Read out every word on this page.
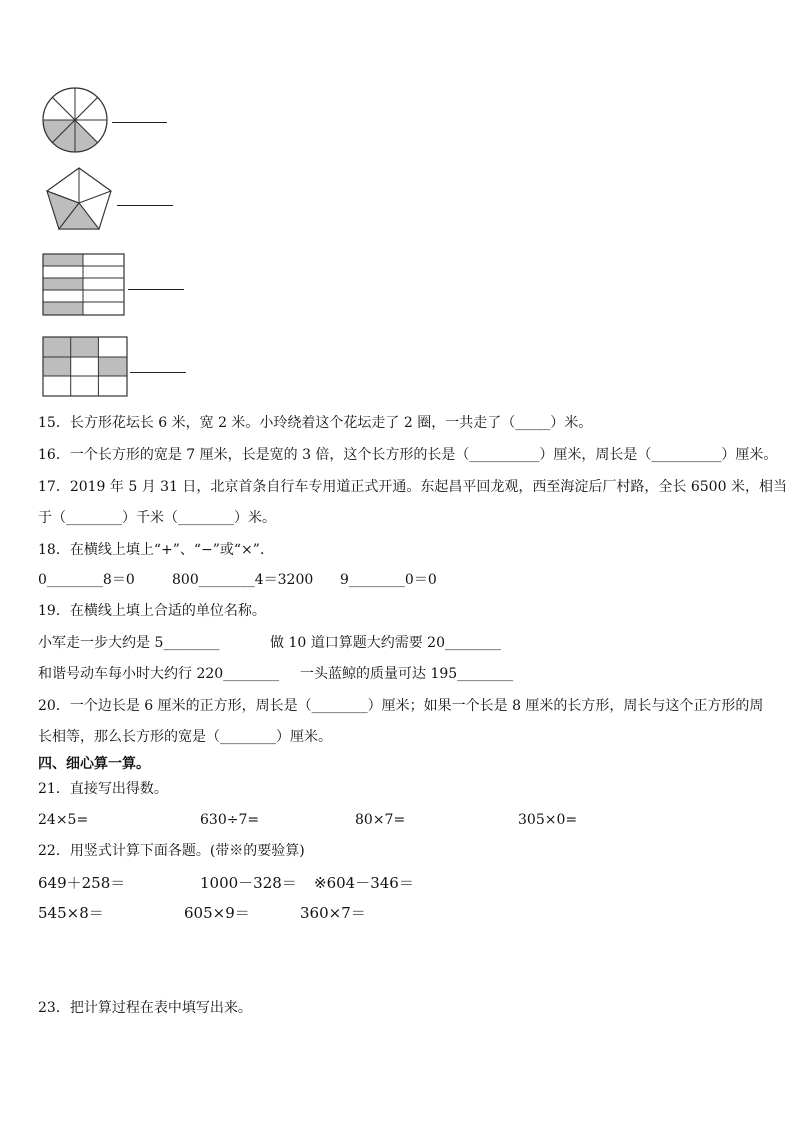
15．长方形花坛长 6 米，宽 2 米。小玲绕着这个花坛走了 2 圈，一共走了（_____）米。
16．一个长方形的宽是 7 厘米，长是宽的 3 倍，这个长方形的长是（__________）厘米，周长是（__________）厘米。
17．2019 年 5 月 31 日，北京首条自行车专用道正式开通。东起昌平回龙观，西至海淀后厂村路，全长 6500 米，相当
于（________）千米（________）米。
18．在横线上填上“+”、“−”或“×”．
0________8＝0	800________4＝3200 9________0＝0
19．在横线上填上合适的单位名称。
小军走一步大约是 5________	做 10 道口算题大约需要 20________
和谐号动车每小时大约行 220________ 一头蓝鲸的质量可达 195________
20．一个边长是 6 厘米的正方形，周长是（________）厘米；如果一个长是 8 厘米的长方形，周长与这个正方形的周
长相等，那么长方形的宽是（________）厘米。
四、细心算一算。
21．直接写出得数。
24×5=	630÷7=	80×7=	305×0=
22．用竖式计算下面各题。(带※的要验算)
649＋258＝	1000－328＝ ※604－346＝
545×8＝	605×9＝	360×7＝
23．把计算过程在表中填写出来。
